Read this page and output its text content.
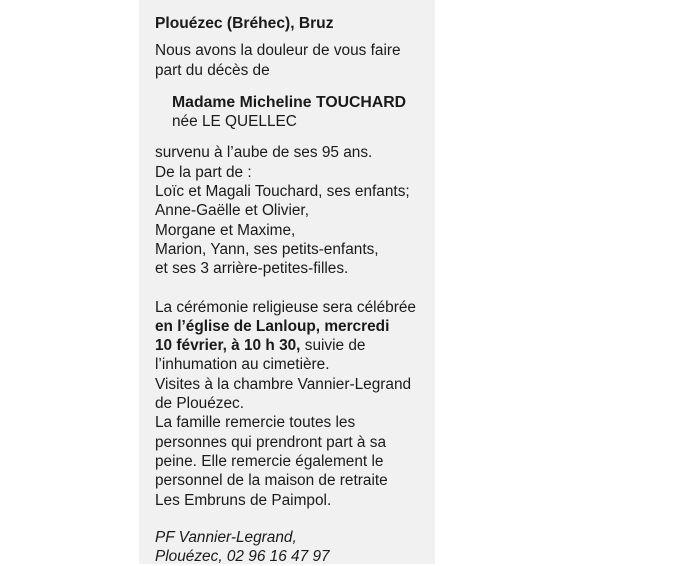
Plouézec (Bréhec), Bruz
Nous avons la douleur de vous faire
part du décès de
Madame Micheline TOUCHARD
née LE QUELLEC
survenu à l’aube de ses 95 ans.
De la part de :
Loïc et Magali Touchard, ses enfants;
Anne-Gaëlle et Olivier,
Morgane et Maxime,
Marion, Yann, ses petits-enfants,
et ses 3 arrière-petites-filles.
La cérémonie religieuse sera célébrée
en l’église de Lanloup, mercredi
10 février, à 10 h 30, suivie de
l’inhumation au cimetière.
Visites à la chambre Vannier-Legrand
de Plouézec.
La famille remercie toutes les
personnes qui prendront part à sa
peine. Elle remercie également le
personnel de la maison de retraite
Les Embruns de Paimpol.
PF Vannier-Legrand,
Plouézec, 02 96 16 47 97
